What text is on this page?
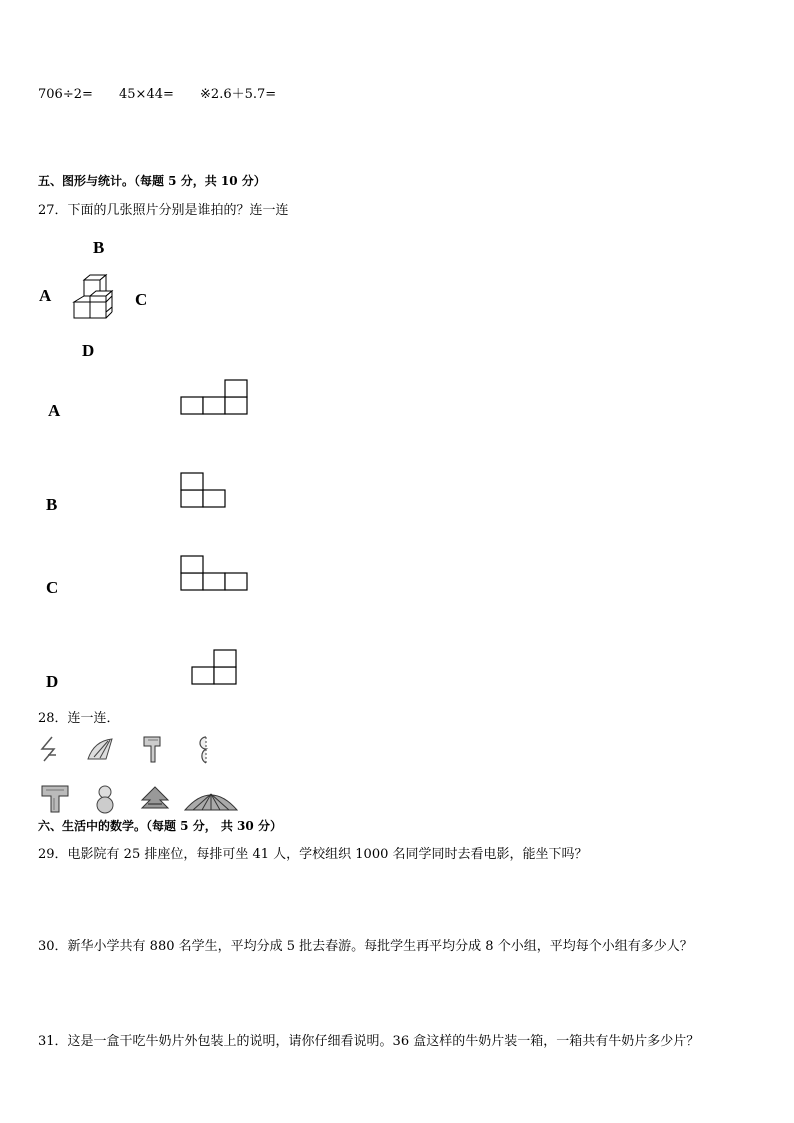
706÷2= 45×44= ※2.6＋5.7=
五、图形与统计。（每题 5 分，共 10 分）
27．下面的几张照片分别是谁拍的？连一连
B
A	C
D
A
B
C
D
28．连一连．
六、生活中的数学。（每题 5 分， 共 30 分）
29．电影院有 25 排座位，每排可坐 41 人，学校组织 1000 名同学同时去看电影，能坐下吗？
30．新华小学共有 880 名学生，平均分成 5 批去春游。每批学生再平均分成 8 个小组，平均每个小组有多少人？
31．这是一盒干吃牛奶片外包装上的说明，请你仔细看说明。36 盒这样的牛奶片装一箱，一箱共有牛奶片多少片？
